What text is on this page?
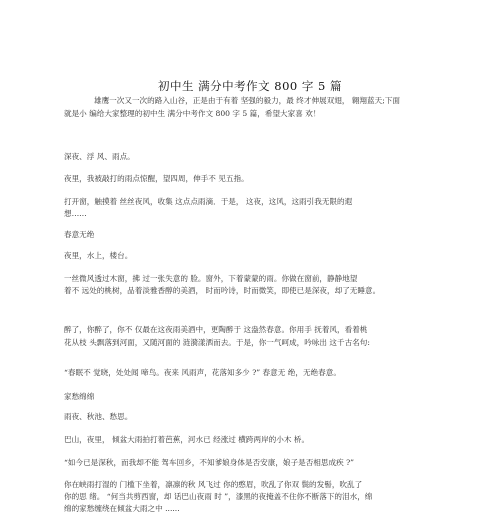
初中生 满分中考作文 800 字 5 篇
雄鹰一次又一次的路入山谷，正是由于有着 坚强的毅力，最 终才伸展双翅， 翱翔蓝天;下面
就是小 编给大家整理的初中生 满分中考作文 800 字 5 篇，希望大家喜 欢！
深夜、浮 风、雨点。
夜里，我被敲打的雨点惊醒，望四周，伸手不 见五指。
打开窗，触摸着 丝丝夜风，收集 这点点雨滴．于是， 这夜，这风，这雨引我无限的遐
想……
春意无绝
夜里，水上，楼台。
一丝微风透过木窗，拂 过一张失意的 脸。窗外，下着蒙蒙的雨。你做在窗前，静静地望
着不 远处的桃树，品着淡雅香醇的美酒， 时而吟诗，时而微笑，即使已是深夜，却了无睡意。
醉了，你醉了，你不 仅最在这夜雨美酒中，更陶醉于 这盎然春意。你用手 抚着风，看着桃
花从枝 头飘落到河面，又随河面的 涟漪漾洒而去。于是，你一气呵成，吟咏出 这千古名句:
“春眠不 觉晓，处处闻 啼鸟。夜来 风雨声，花落知多少 ?” 春意无 绝，无绝春意。
家愁绵绵
雨夜、秋池、愁思。
巴山，夜里， 倾盆大雨拍打着芭蕉，河水已 经涨过 横跨两岸的小木 桥。
“如今已是深秋，而我却不能 驾车回乡，不知爹娘身体是否安康，娘子是否相思成疾 ?”
你在峡雨打湿的 门槛下坐着，凛凛的秋 风飞过 你的憨眉，吹乱了你双 鬓的发髻，吹乱了
你的思 绪。 “何当共剪西窗，却 话巴山夜雨 时 ”，漆黑的夜掩盖不住你不断落下的泪水，绵
绵的家愁缠绕在倾盆大雨之中 ......
